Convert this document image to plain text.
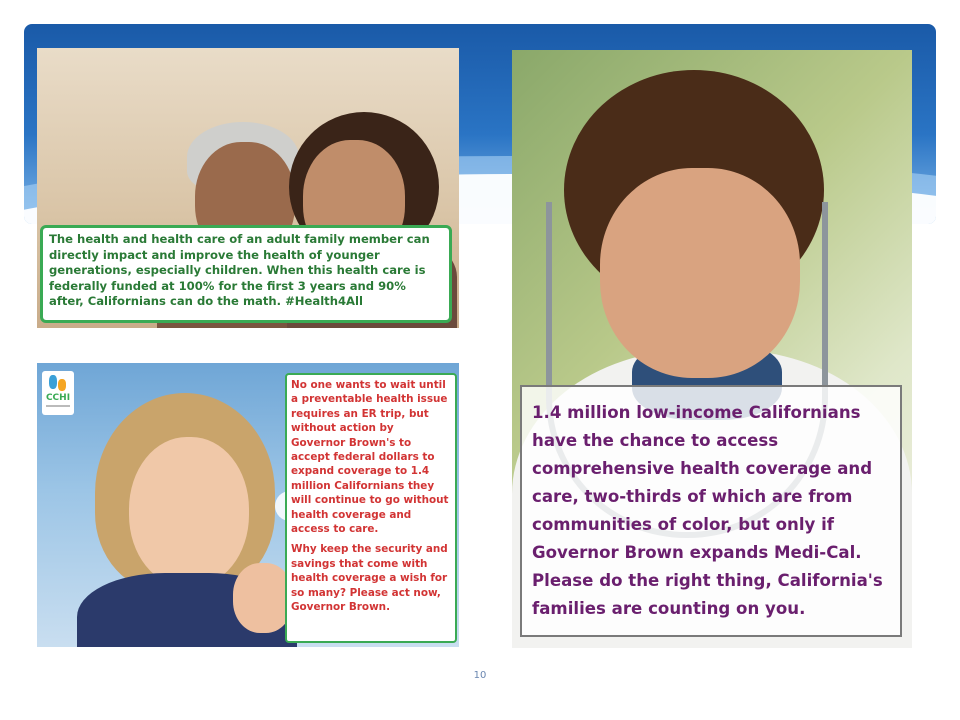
The health and health care of an adult family member can directly impact and improve the health of younger generations, especially children. When this health care is federally funded at 100% for the first 3 years and 90% after, Californians can do the math. #Health4All
CCHI

No one wants to wait until a preventable health issue requires an ER trip, but without action by Governor Brown's to accept federal dollars to expand coverage to 1.4 million Californians they will continue to go without health coverage and access to care.

Why keep the security and savings that come with health coverage a wish for so many? Please act now, Governor Brown.

1.4 million low-income Californians have the chance to access comprehensive health coverage and care, two-thirds of which are from communities of color, but only if Governor Brown expands Medi-Cal. Please do the right thing, California's families are counting on you.
10
